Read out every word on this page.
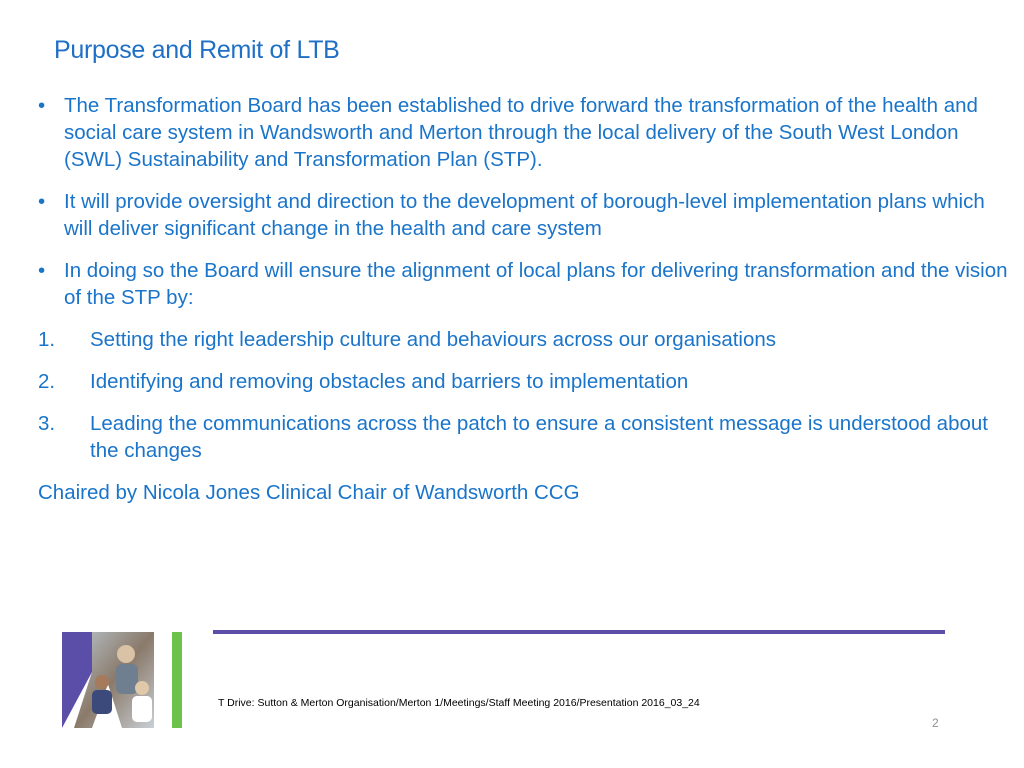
Purpose and Remit of LTB
• The Transformation Board has been established to drive forward the transformation of the health and social care system in Wandsworth and Merton through the local delivery of the South West London (SWL) Sustainability and Transformation Plan (STP).
• It will provide oversight and direction to the development of borough-level implementation plans which will deliver significant change in the health and care system
• In doing so the Board will ensure the alignment of local plans for delivering transformation and the vision of the STP by:
1.	Setting the right leadership culture and behaviours across our organisations
2.	Identifying and removing obstacles and barriers to implementation
3.	Leading the communications across the patch to ensure a consistent message is understood about the changes
Chaired by Nicola Jones Clinical Chair of Wandsworth CCG
T Drive: Sutton & Merton Organisation/Merton 1/Meetings/Staff Meeting 2016/Presentation 2016_03_24
2
